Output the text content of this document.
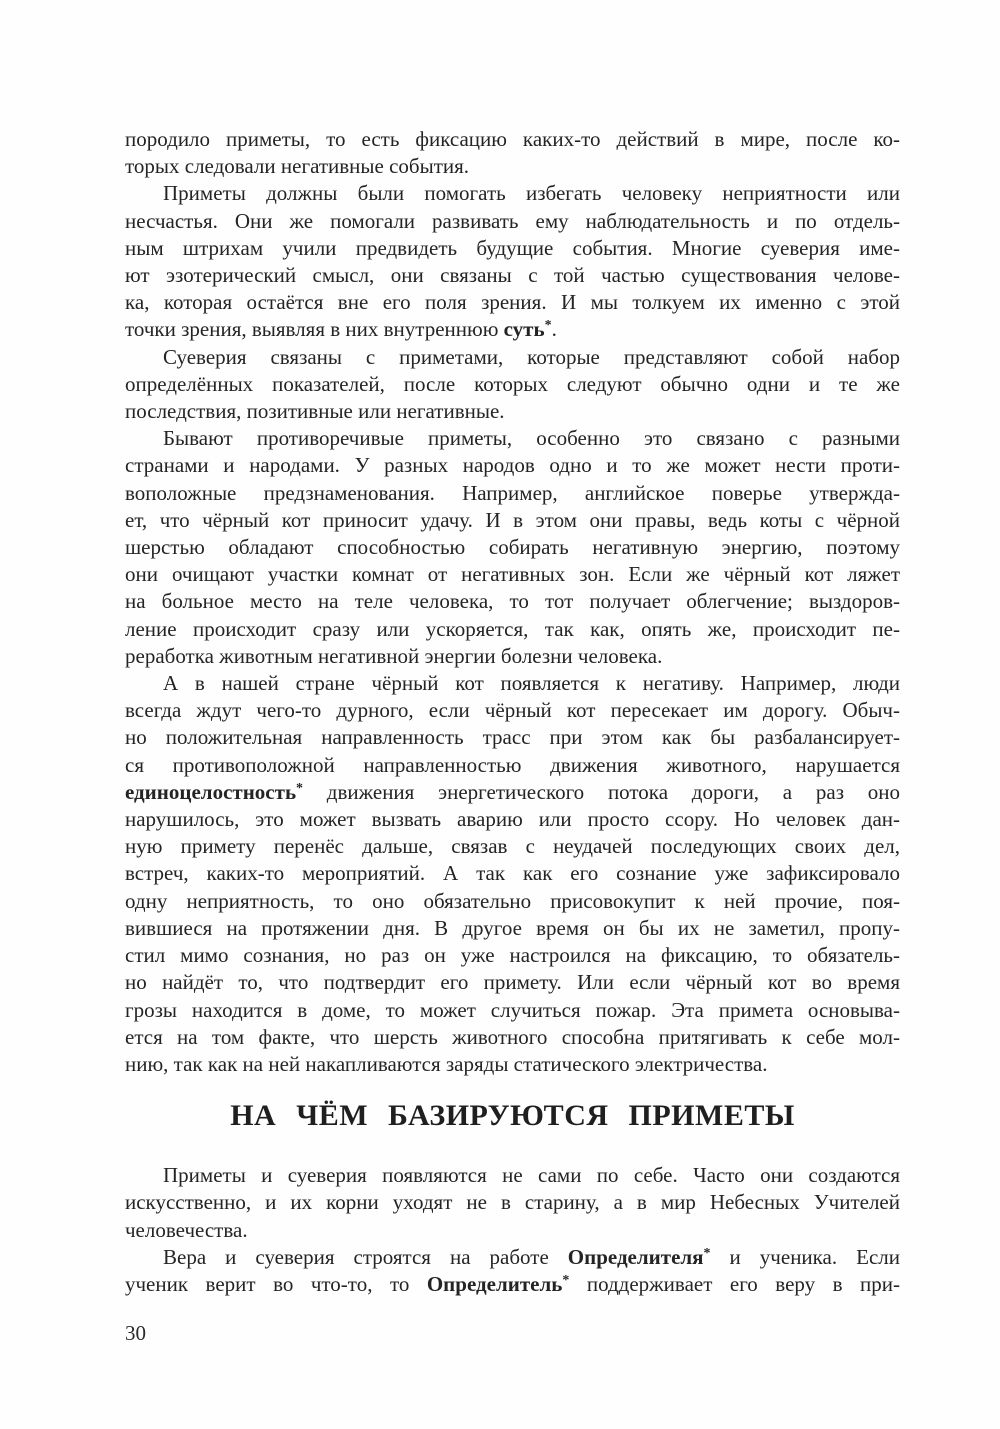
породило приметы, то есть фиксацию каких-то действий в мире, после ко-
торых следовали негативные события.
Приметы должны были помогать избегать человеку неприятности или
несчастья. Они же помогали развивать ему наблюдательность и по отдель-
ным штрихам учили предвидеть будущие события. Многие суеверия име-
ют эзотерический смысл, они связаны с той частью существования челове-
ка, которая остаётся вне его поля зрения. И мы толкуем их именно с этой
точки зрения, выявляя в них внутреннюю суть*.
Суеверия связаны с приметами, которые представляют собой набор
определённых показателей, после которых следуют обычно одни и те же
последствия, позитивные или негативные.
Бывают противоречивые приметы, особенно это связано с разными
странами и народами. У разных народов одно и то же может нести проти-
воположные предзнаменования. Например, английское поверье утвержда-
ет, что чёрный кот приносит удачу. И в этом они правы, ведь коты с чёрной
шерстью обладают способностью собирать негативную энергию, поэтому
они очищают участки комнат от негативных зон. Если же чёрный кот ляжет
на больное место на теле человека, то тот получает облегчение; выздоров-
ление происходит сразу или ускоряется, так как, опять же, происходит пе-
реработка животным негативной энергии болезни человека.
А в нашей стране чёрный кот появляется к негативу. Например, люди
всегда ждут чего-то дурного, если чёрный кот пересекает им дорогу. Обыч-
но положительная направленность трасс при этом как бы разбалансирует-
ся противоположной направленностью движения животного, нарушается
единоцелостность* движения энергетического потока дороги, а раз оно
нарушилось, это может вызвать аварию или просто ссору. Но человек дан-
ную примету перенёс дальше, связав с неудачей последующих своих дел,
встреч, каких-то мероприятий. А так как его сознание уже зафиксировало
одну неприятность, то оно обязательно присовокупит к ней прочие, поя-
вившиеся на протяжении дня. В другое время он бы их не заметил, пропу-
стил мимо сознания, но раз он уже настроился на фиксацию, то обязатель-
но найдёт то, что подтвердит его примету. Или если чёрный кот во время
грозы находится в доме, то может случиться пожар. Эта примета основыва-
ется на том факте, что шерсть животного способна притягивать к себе мол-
нию, так как на ней накапливаются заряды статического электричества.
НА ЧЁМ БАЗИРУЮТСЯ ПРИМЕТЫ
Приметы и суеверия появляются не сами по себе. Часто они создаются
искусственно, и их корни уходят не в старину, а в мир Небесных Учителей
человечества.
Вера и суеверия строятся на работе Определителя* и ученика. Если
ученик верит во что-то, то Определитель* поддерживает его веру в при-
30
